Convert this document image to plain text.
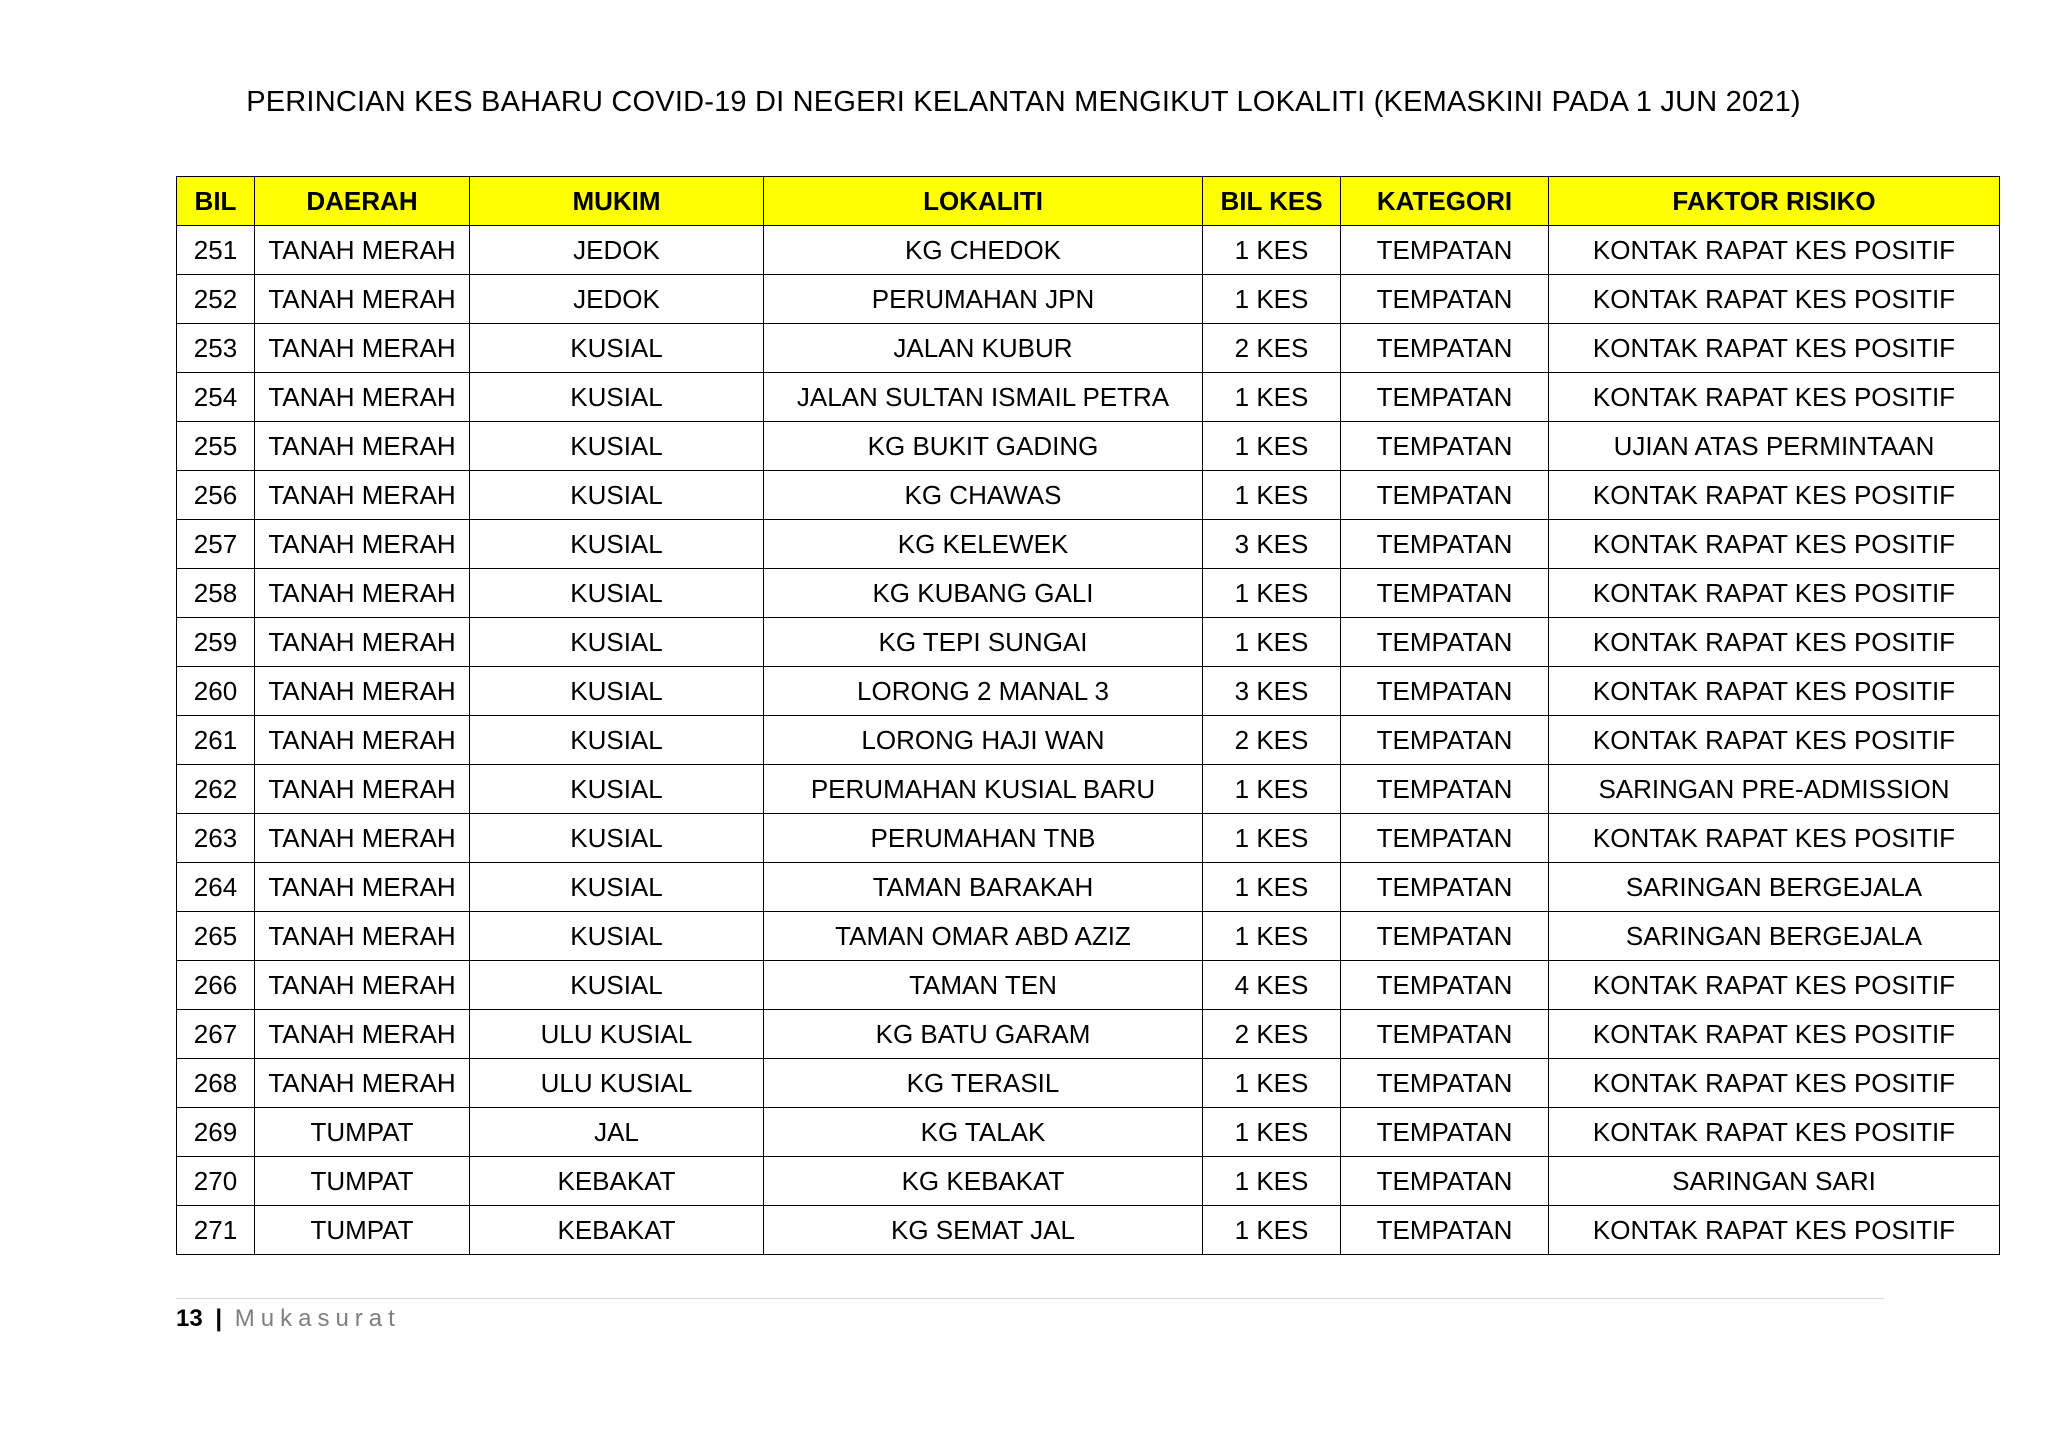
PERINCIAN KES BAHARU COVID-19 DI NEGERI KELANTAN MENGIKUT LOKALITI (KEMASKINI PADA 1 JUN 2021)
BIL	DAERAH	MUKIM	LOKALITI	BIL KES	KATEGORI	FAKTOR RISIKO
251	TANAH MERAH	JEDOK	KG CHEDOK	1 KES	TEMPATAN	KONTAK RAPAT KES POSITIF
252	TANAH MERAH	JEDOK	PERUMAHAN JPN	1 KES	TEMPATAN	KONTAK RAPAT KES POSITIF
253	TANAH MERAH	KUSIAL	JALAN KUBUR	2 KES	TEMPATAN	KONTAK RAPAT KES POSITIF
254	TANAH MERAH	KUSIAL	JALAN SULTAN ISMAIL PETRA	1 KES	TEMPATAN	KONTAK RAPAT KES POSITIF
255	TANAH MERAH	KUSIAL	KG BUKIT GADING	1 KES	TEMPATAN	UJIAN ATAS PERMINTAAN
256	TANAH MERAH	KUSIAL	KG CHAWAS	1 KES	TEMPATAN	KONTAK RAPAT KES POSITIF
257	TANAH MERAH	KUSIAL	KG KELEWEK	3 KES	TEMPATAN	KONTAK RAPAT KES POSITIF
258	TANAH MERAH	KUSIAL	KG KUBANG GALI	1 KES	TEMPATAN	KONTAK RAPAT KES POSITIF
259	TANAH MERAH	KUSIAL	KG TEPI SUNGAI	1 KES	TEMPATAN	KONTAK RAPAT KES POSITIF
260	TANAH MERAH	KUSIAL	LORONG 2 MANAL 3	3 KES	TEMPATAN	KONTAK RAPAT KES POSITIF
261	TANAH MERAH	KUSIAL	LORONG HAJI WAN	2 KES	TEMPATAN	KONTAK RAPAT KES POSITIF
262	TANAH MERAH	KUSIAL	PERUMAHAN KUSIAL BARU	1 KES	TEMPATAN	SARINGAN PRE-ADMISSION
263	TANAH MERAH	KUSIAL	PERUMAHAN TNB	1 KES	TEMPATAN	KONTAK RAPAT KES POSITIF
264	TANAH MERAH	KUSIAL	TAMAN BARAKAH	1 KES	TEMPATAN	SARINGAN BERGEJALA
265	TANAH MERAH	KUSIAL	TAMAN OMAR ABD AZIZ	1 KES	TEMPATAN	SARINGAN BERGEJALA
266	TANAH MERAH	KUSIAL	TAMAN TEN	4 KES	TEMPATAN	KONTAK RAPAT KES POSITIF
267	TANAH MERAH	ULU KUSIAL	KG BATU GARAM	2 KES	TEMPATAN	KONTAK RAPAT KES POSITIF
268	TANAH MERAH	ULU KUSIAL	KG TERASIL	1 KES	TEMPATAN	KONTAK RAPAT KES POSITIF
269	TUMPAT	JAL	KG TALAK	1 KES	TEMPATAN	KONTAK RAPAT KES POSITIF
270	TUMPAT	KEBAKAT	KG KEBAKAT	1 KES	TEMPATAN	SARINGAN SARI
271	TUMPAT	KEBAKAT	KG SEMAT JAL	1 KES	TEMPATAN	KONTAK RAPAT KES POSITIF
13 | Mukasurat
